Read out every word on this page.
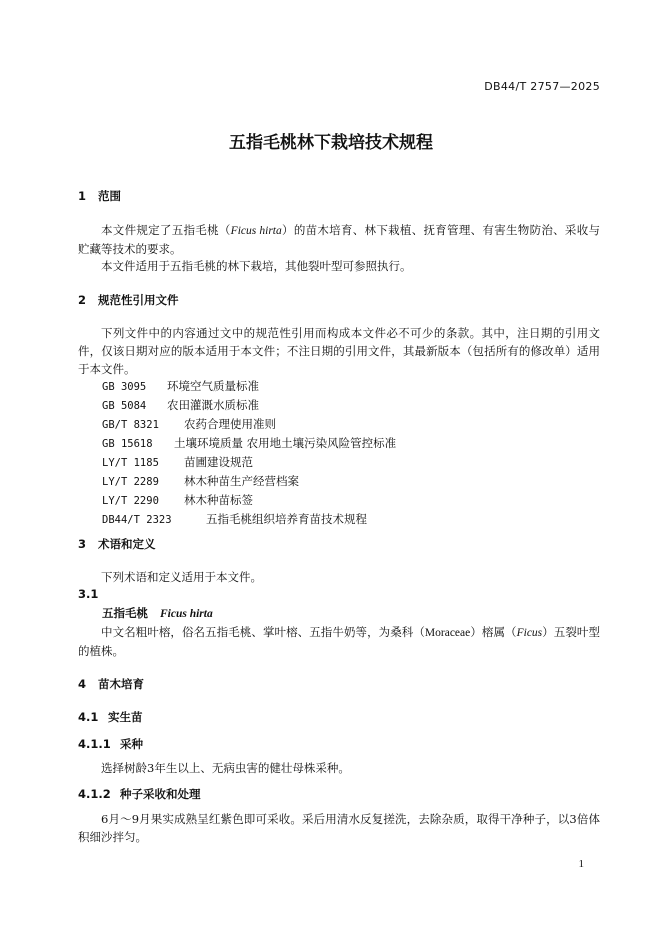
DB44/T 2757—2025
五指毛桃林下栽培技术规程
1 范围

本文件规定了五指毛桃（Ficus hirta）的苗木培育、林下栽植、抚育管理、有害生物防治、采收与贮藏等技术的要求。

本文件适用于五指毛桃的林下栽培，其他裂叶型可参照执行。

2 规范性引用文件

下列文件中的内容通过文中的规范性引用而构成本文件必不可少的条款。其中，注日期的引用文件，仅该日期对应的版本适用于本文件；不注日期的引用文件，其最新版本（包括所有的修改单）适用于本文件。

GB 3095 环境空气质量标准
GB 5084 农田灌溉水质标准
GB/T 8321 农药合理使用准则
GB 15618 土壤环境质量 农用地土壤污染风险管控标准
LY/T 1185 苗圃建设规范
LY/T 2289 林木种苗生产经营档案
LY/T 2290 林木种苗标签
DB44/T 2323	五指毛桃组织培养育苗技术规程
3 术语和定义

下列术语和定义适用于本文件。

3.1
五指毛桃 Ficus hirta

中文名粗叶榕，俗名五指毛桃、掌叶榕、五指牛奶等，为桑科（Moraceae）榕属（Ficus）五裂叶型的植株。

4 苗木培育
4.1 实生苗
4.1.1 采种

选择树龄3年生以上、无病虫害的健壮母株采种。

4.1.2 种子采收和处理

6月～9月果实成熟呈红紫色即可采收。采后用清水反复搓洗，去除杂质，取得干净种子，以3倍体积细沙拌匀。

1
